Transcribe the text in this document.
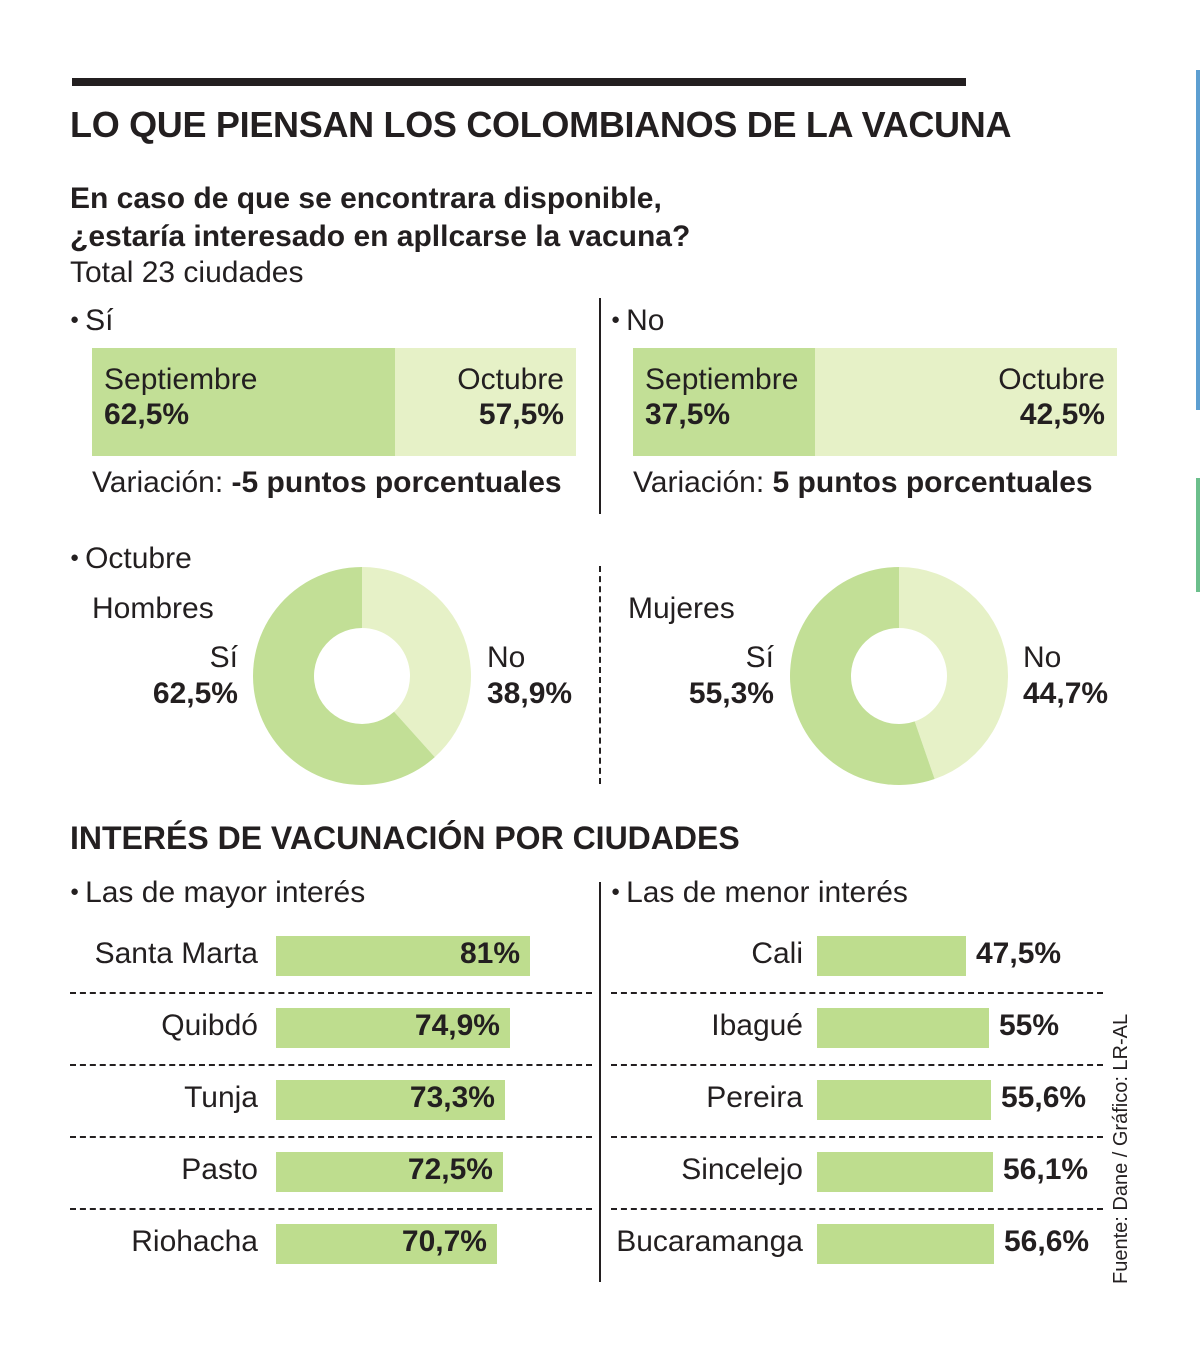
LO QUE PIENSAN LOS COLOMBIANOS DE LA VACUNA
En caso de que se encontrara disponible,
¿estaría interesado en apllcarse la vacuna?
Total 23 ciudades
● Sí
Septiembre
62,5%
Octubre
57,5%
Variación: -5 puntos porcentuales
● No
Septiembre
37,5%
Octubre
42,5%
Variación: 5 puntos porcentuales
● Octubre
Hombres
Sí
62,5%
No
38,9%
Mujeres
Sí
55,3%
No
44,7%
INTERÉS DE VACUNACIÓN POR CIUDADES
● Las de mayor interés
●	Las de menor interés
Santa Marta	81%
Quibdó	74,9%
Tunja	73,3%
Pasto	72,5%
Riohacha	70,7%
Cali	47,5%
Ibagué	55%
Pereira	55,6%
Sincelejo	56,1%
Bucaramanga	56,6% Fuente: Dane / Gráfico: LR-AL
